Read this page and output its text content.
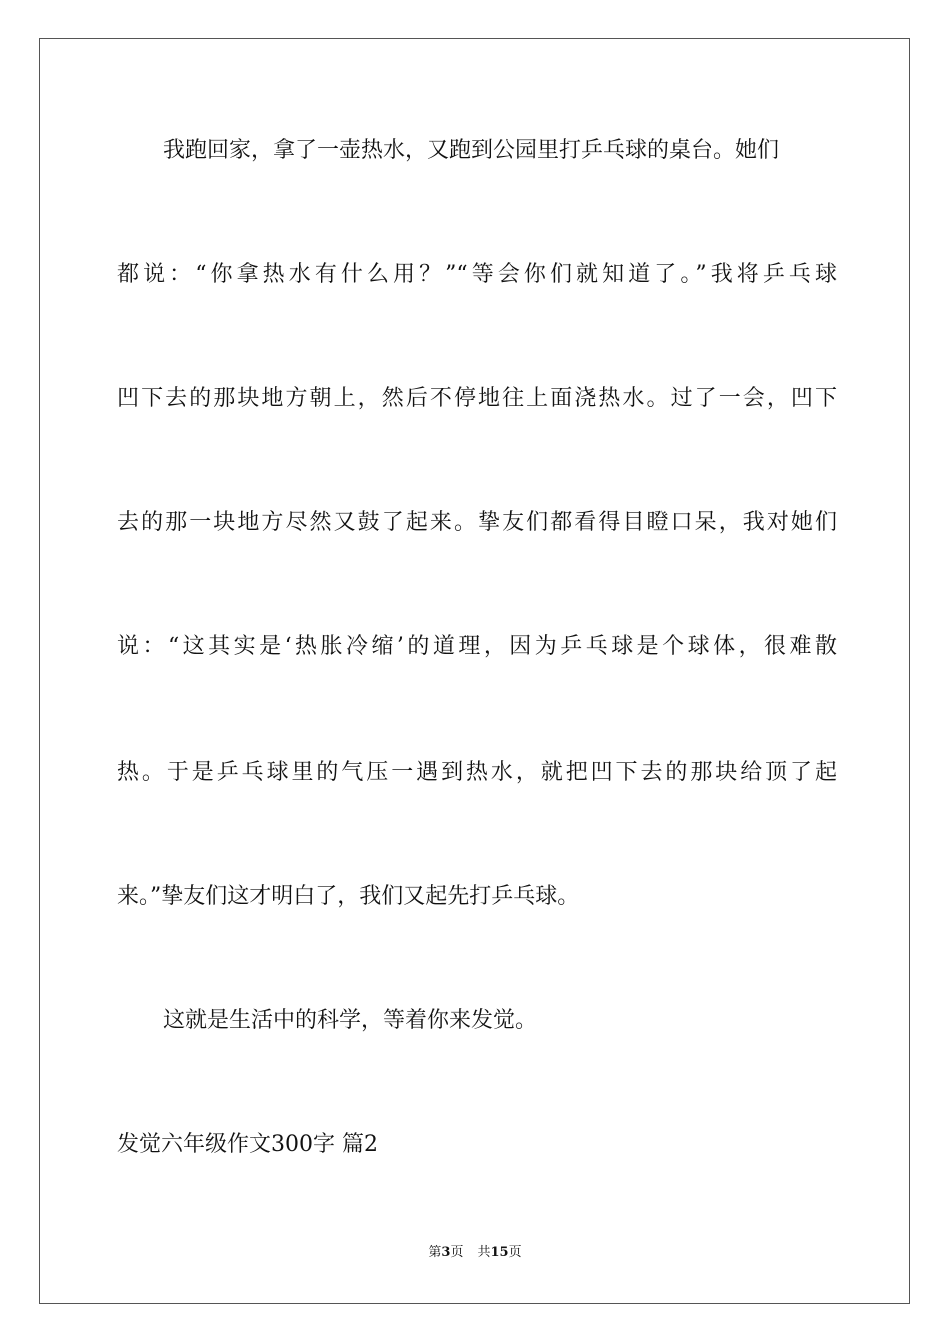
我跑回家，拿了一壶热水，又跑到公园里打乒乓球的桌台。她们
都说：“你拿热水有什么用？”“等会你们就知道了。”我将乒乓球
凹下去的那块地方朝上，然后不停地往上面浇热水。过了一会，凹下
去的那一块地方尽然又鼓了起来。挚友们都看得目瞪口呆，我对她们
说：“这其实是‘热胀冷缩’的道理，因为乒乓球是个球体，很难散
热。于是乒乓球里的气压一遇到热水，就把凹下去的那块给顶了起
来。”挚友们这才明白了，我们又起先打乒乓球。
这就是生活中的科学，等着你来发觉。
发觉六年级作文300字 篇2
第3页 共15页
